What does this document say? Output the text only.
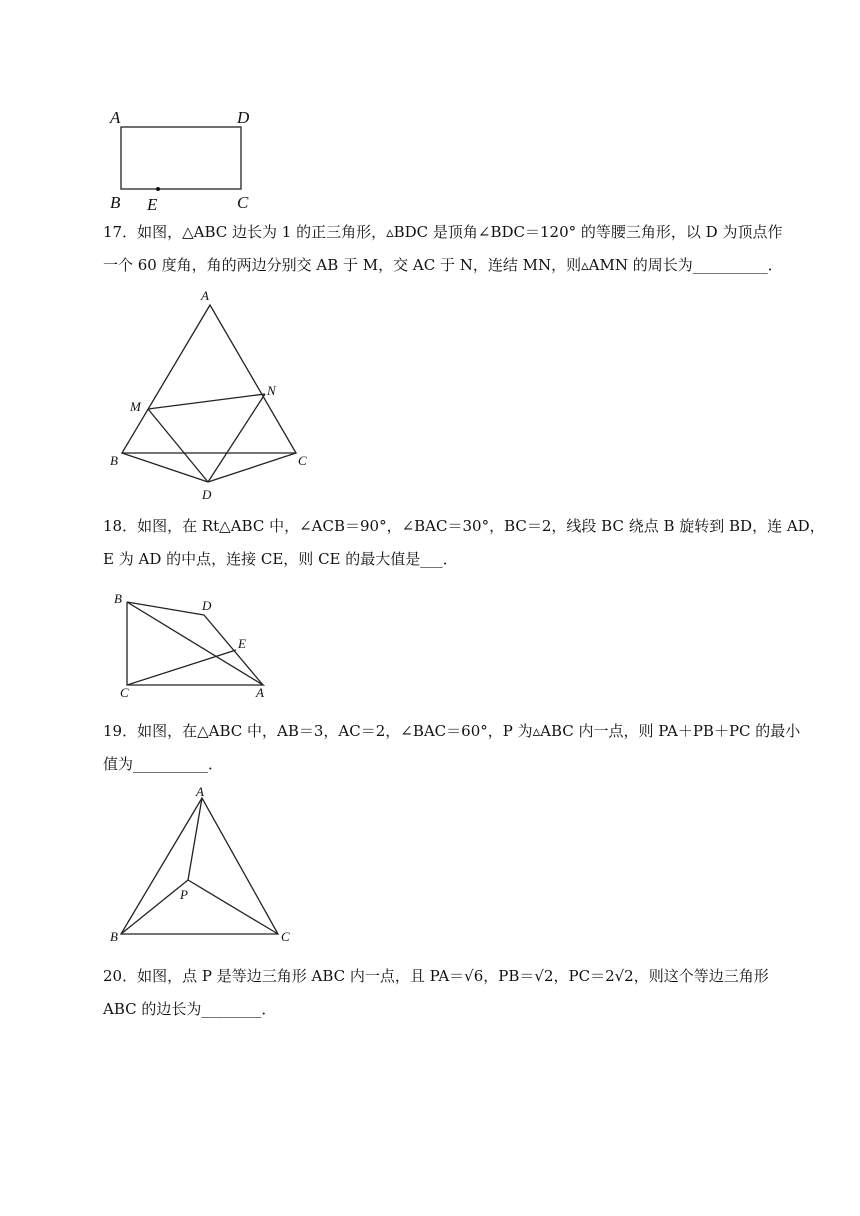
A	D
B E	C
17．如图，△ABC 边长为 1 的正三角形，▵BDC 是顶角∠BDC＝120° 的等腰三角形，以 D 为顶点作
一个 60 度角，角的两边分别交 AB 于 M，交 AC 于 N，连结 MN，则▵AMN 的周长为__________．
A
M
N
B	C
D
18．如图，在 Rt△ABC 中，∠ACB＝90°，∠BAC＝30°，BC＝2，线段 BC 绕点 B 旋转到 BD，连 AD，
E 为 AD 的中点，连接 CE，则 CE 的最大值是___．
B	D
E
C	A
19．如图，在△ABC 中，AB＝3，AC＝2，∠BAC＝60°，P 为▵ABC 内一点，则 PA＋PB＋PC 的最小
值为__________．
A
P
B	C
20．如图，点 P 是等边三角形 ABC 内一点，且 PA＝√6，PB＝√2，PC＝2√2，则这个等边三角形
ABC 的边长为________．
